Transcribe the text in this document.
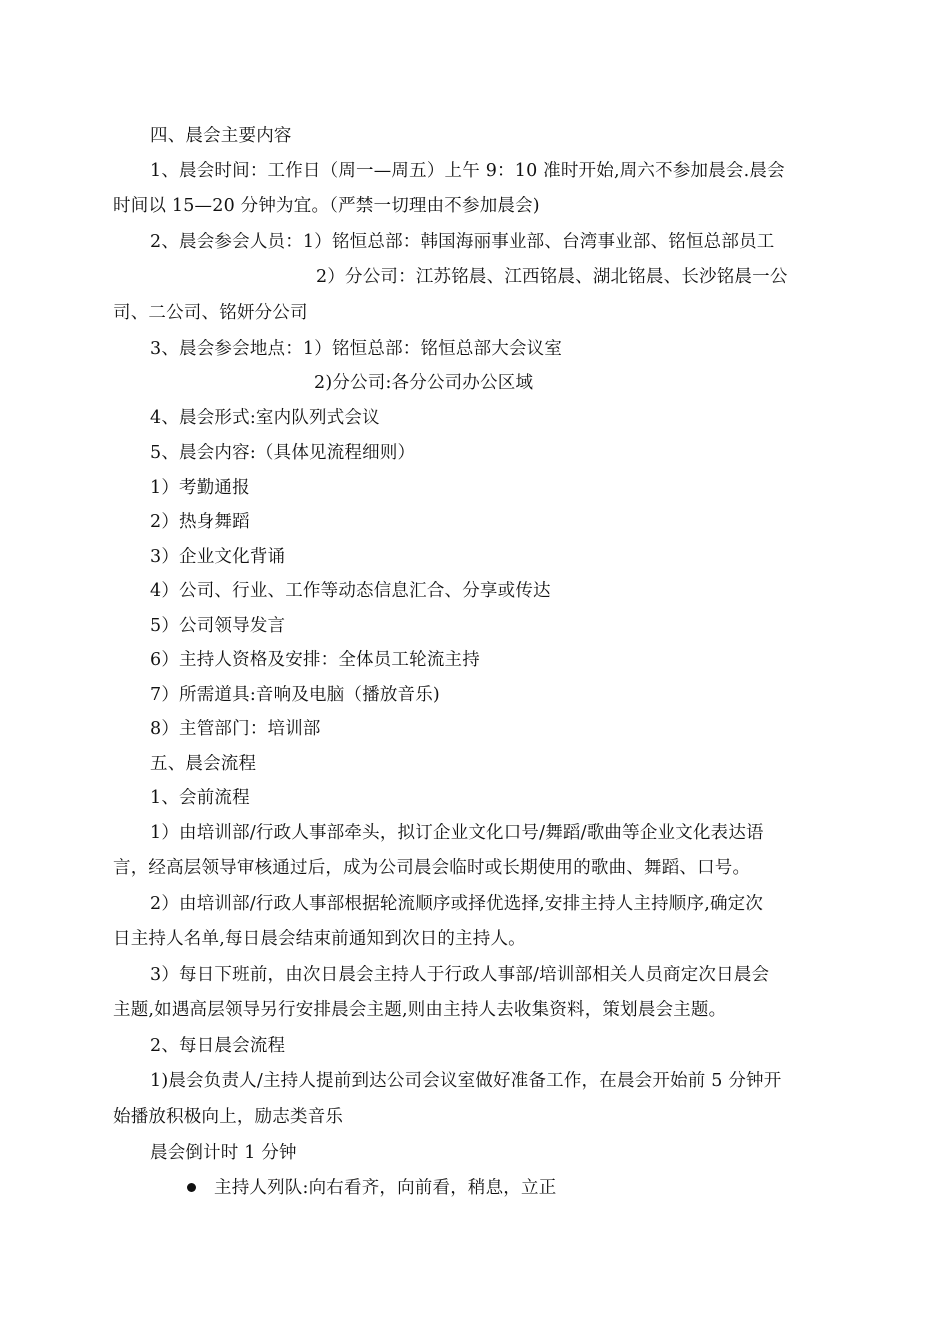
四、晨会主要内容
1、晨会时间：工作日（周一—周五）上午 9：10 准时开始,周六不参加晨会.晨会
时间以 15—20 分钟为宜。（严禁一切理由不参加晨会)
2、晨会参会人员：1）铭恒总部：韩国海丽事业部、台湾事业部、铭恒总部员工
2）分公司：江苏铭晨、江西铭晨、湖北铭晨、长沙铭晨一公
司、二公司、铭妍分公司
3、晨会参会地点：1）铭恒总部：铭恒总部大会议室
2)分公司:各分公司办公区域
4、晨会形式:室内队列式会议
5、晨会内容:（具体见流程细则）
1）考勤通报
2）热身舞蹈
3）企业文化背诵
4）公司、行业、工作等动态信息汇合、分享或传达
5）公司领导发言
6）主持人资格及安排：全体员工轮流主持
7）所需道具:音响及电脑（播放音乐)
8）主管部门：培训部
五、晨会流程
1、会前流程
1）由培训部/行政人事部牵头，拟订企业文化口号/舞蹈/歌曲等企业文化表达语
言，经高层领导审核通过后，成为公司晨会临时或长期使用的歌曲、舞蹈、口号。
2）由培训部/行政人事部根据轮流顺序或择优选择,安排主持人主持顺序,确定次
日主持人名单,每日晨会结束前通知到次日的主持人。
3）每日下班前，由次日晨会主持人于行政人事部/培训部相关人员商定次日晨会
主题,如遇高层领导另行安排晨会主题,则由主持人去收集资料，策划晨会主题。
2、每日晨会流程
1)晨会负责人/主持人提前到达公司会议室做好准备工作，在晨会开始前 5 分钟开
始播放积极向上，励志类音乐
晨会倒计时 1 分钟
主持人列队:向右看齐，向前看，稍息，立正
